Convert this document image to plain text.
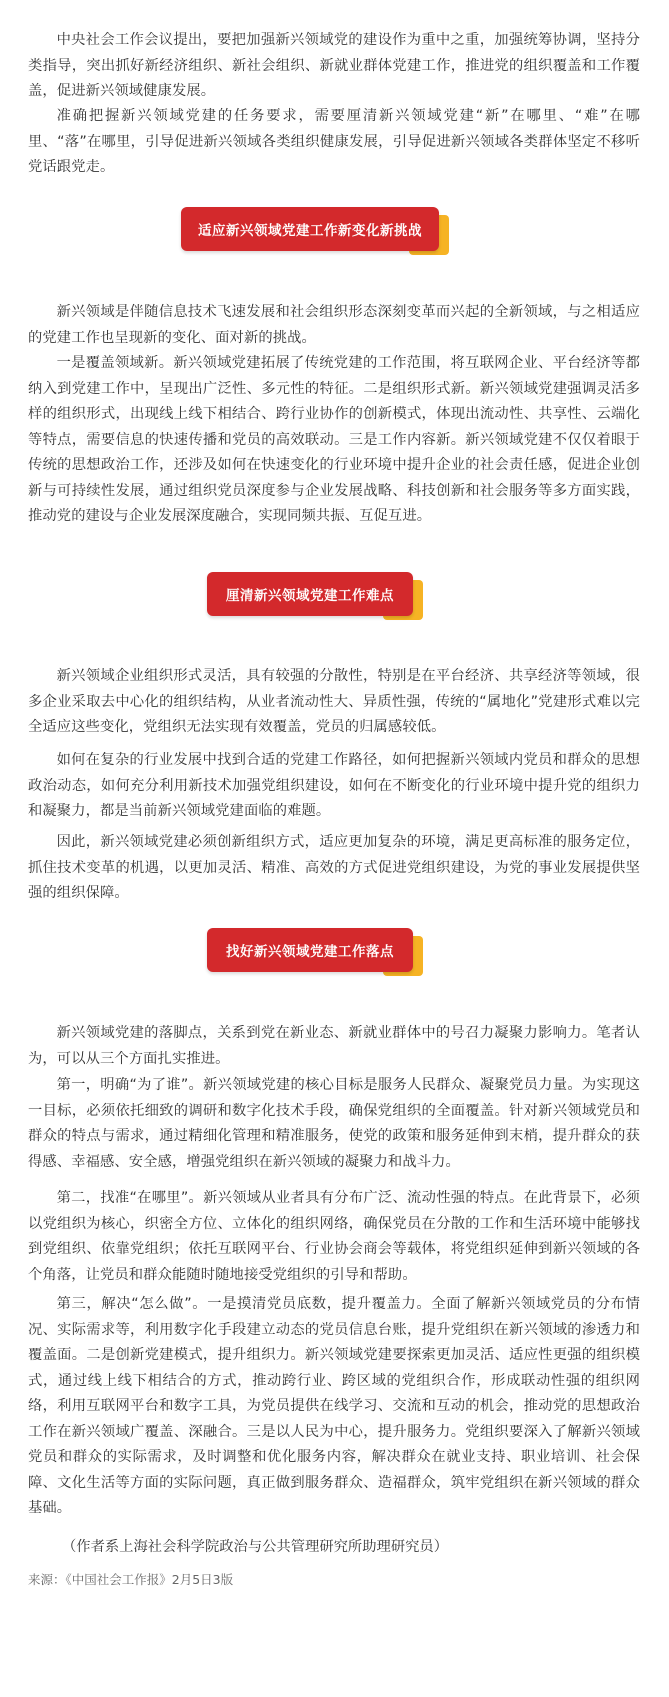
中央社会工作会议提出，要把加强新兴领域党的建设作为重中之重，加强统筹协调，坚持分类指导，突出抓好新经济组织、新社会组织、新就业群体党建工作，推进党的组织覆盖和工作覆盖，促进新兴领域健康发展。

准确把握新兴领域党建的任务要求，需要厘清新兴领域党建“新”在哪里、“难”在哪里、“落”在哪里，引导促进新兴领域各类组织健康发展，引导促进新兴领域各类群体坚定不移听党话跟党走。

适应新兴领域党建工作新变化新挑战

新兴领域是伴随信息技术飞速发展和社会组织形态深刻变革而兴起的全新领域，与之相适应的党建工作也呈现新的变化、面对新的挑战。

一是覆盖领域新。新兴领域党建拓展了传统党建的工作范围，将互联网企业、平台经济等都纳入到党建工作中，呈现出广泛性、多元性的特征。二是组织形式新。新兴领域党建强调灵活多样的组织形式，出现线上线下相结合、跨行业协作的创新模式，体现出流动性、共享性、云端化等特点，需要信息的快速传播和党员的高效联动。三是工作内容新。新兴领域党建不仅仅着眼于传统的思想政治工作，还涉及如何在快速变化的行业环境中提升企业的社会责任感，促进企业创新与可持续性发展，通过组织党员深度参与企业发展战略、科技创新和社会服务等多方面实践，推动党的建设与企业发展深度融合，实现同频共振、互促互进。

厘清新兴领域党建工作难点

新兴领域企业组织形式灵活，具有较强的分散性，特别是在平台经济、共享经济等领域，很多企业采取去中心化的组织结构，从业者流动性大、异质性强，传统的“属地化”党建形式难以完全适应这些变化，党组织无法实现有效覆盖，党员的归属感较低。

如何在复杂的行业发展中找到合适的党建工作路径，如何把握新兴领域内党员和群众的思想政治动态，如何充分利用新技术加强党组织建设，如何在不断变化的行业环境中提升党的组织力和凝聚力，都是当前新兴领域党建面临的难题。

因此，新兴领域党建必须创新组织方式，适应更加复杂的环境，满足更高标准的服务定位，抓住技术变革的机遇，以更加灵活、精准、高效的方式促进党组织建设，为党的事业发展提供坚强的组织保障。

找好新兴领域党建工作落点

新兴领域党建的落脚点，关系到党在新业态、新就业群体中的号召力凝聚力影响力。笔者认为，可以从三个方面扎实推进。

第一，明确“为了谁”。新兴领域党建的核心目标是服务人民群众、凝聚党员力量。为实现这一目标，必须依托细致的调研和数字化技术手段，确保党组织的全面覆盖。针对新兴领域党员和群众的特点与需求，通过精细化管理和精准服务，使党的政策和服务延伸到末梢，提升群众的获得感、幸福感、安全感，增强党组织在新兴领域的凝聚力和战斗力。

第二，找准“在哪里”。新兴领域从业者具有分布广泛、流动性强的特点。在此背景下，必须以党组织为核心，织密全方位、立体化的组织网络，确保党员在分散的工作和生活环境中能够找到党组织、依靠党组织；依托互联网平台、行业协会商会等载体，将党组织延伸到新兴领域的各个角落，让党员和群众能随时随地接受党组织的引导和帮助。

第三，解决“怎么做”。一是摸清党员底数，提升覆盖力。全面了解新兴领域党员的分布情况、实际需求等，利用数字化手段建立动态的党员信息台账，提升党组织在新兴领域的渗透力和覆盖面。二是创新党建模式，提升组织力。新兴领域党建要探索更加灵活、适应性更强的组织模式，通过线上线下相结合的方式，推动跨行业、跨区域的党组织合作，形成联动性强的组织网络，利用互联网平台和数字工具，为党员提供在线学习、交流和互动的机会，推动党的思想政治工作在新兴领域广覆盖、深融合。三是以人民为中心，提升服务力。党组织要深入了解新兴领域党员和群众的实际需求，及时调整和优化服务内容，解决群众在就业支持、职业培训、社会保障、文化生活等方面的实际问题，真正做到服务群众、造福群众，筑牢党组织在新兴领域的群众基础。

（作者系上海社会科学院政治与公共管理研究所助理研究员）

来源：《中国社会工作报》2月5日3版
